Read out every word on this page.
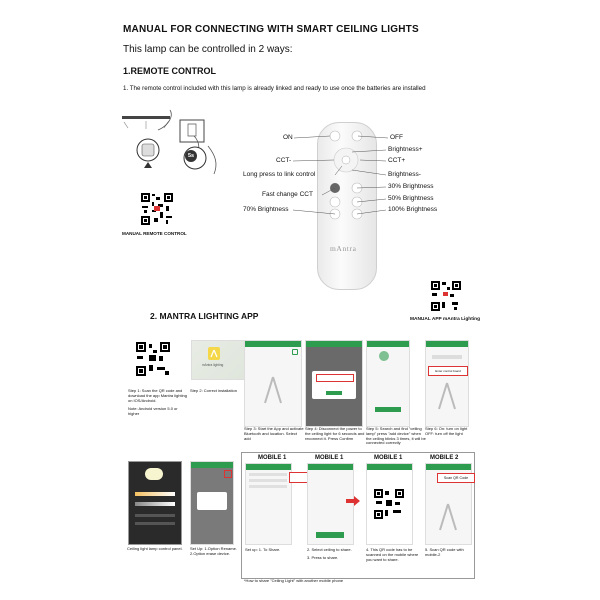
MANUAL FOR CONNECTING WITH SMART CEILING LIGHTS
This lamp can be controlled in 2 ways:
1.REMOTE CONTROL
1. The remote control included with this lamp is already linked and ready to use once the batteries are installed
5s
MANUAL REMOTE CONTROL
mAntra
ON
CCT-
Long press to link control
Fast change CCT
70% Brightness
OFF
Brightness+
CCT+
Brightness-
30% Brightness
50% Brightness
100% Brightness
MANUAL APP mAntra Lighting
2. MANTRA LIGHTING APP
Step 1: Scan the QR code and download the app Mantra lighting on IOS/Android.
Note: Android version 5.0 or higher
mAntra lighting
Step 2: Correct installation
Step 3: Start the App and activate Bluetooth and location. Select add
Step 4: Disconnect the power to the ceiling light for 6 seconds and reconnect it. Press Confirm
Step 5: Search and find "ceiling lamp" press "add device" when the ceiling blinks 3 times, it will be connected correctly
Enter control board
Step 6: On: turn on light OFF: turn off the light
Ceiling light lamp control panel.	Set Up: 1.Option Rename. 2.Option erase device.
MOBILE 1	MOBILE 1	MOBILE 1	MOBILE 2
Set up: 1. To Share.	2. Select ceiling to share.
3. Press to share.
4. This QR code has to be scanned on the mobile where you want to share.
Scan QR Code
5. Scan QR code with mobile-2
*How to share "Ceiling Light" with another mobile phone
